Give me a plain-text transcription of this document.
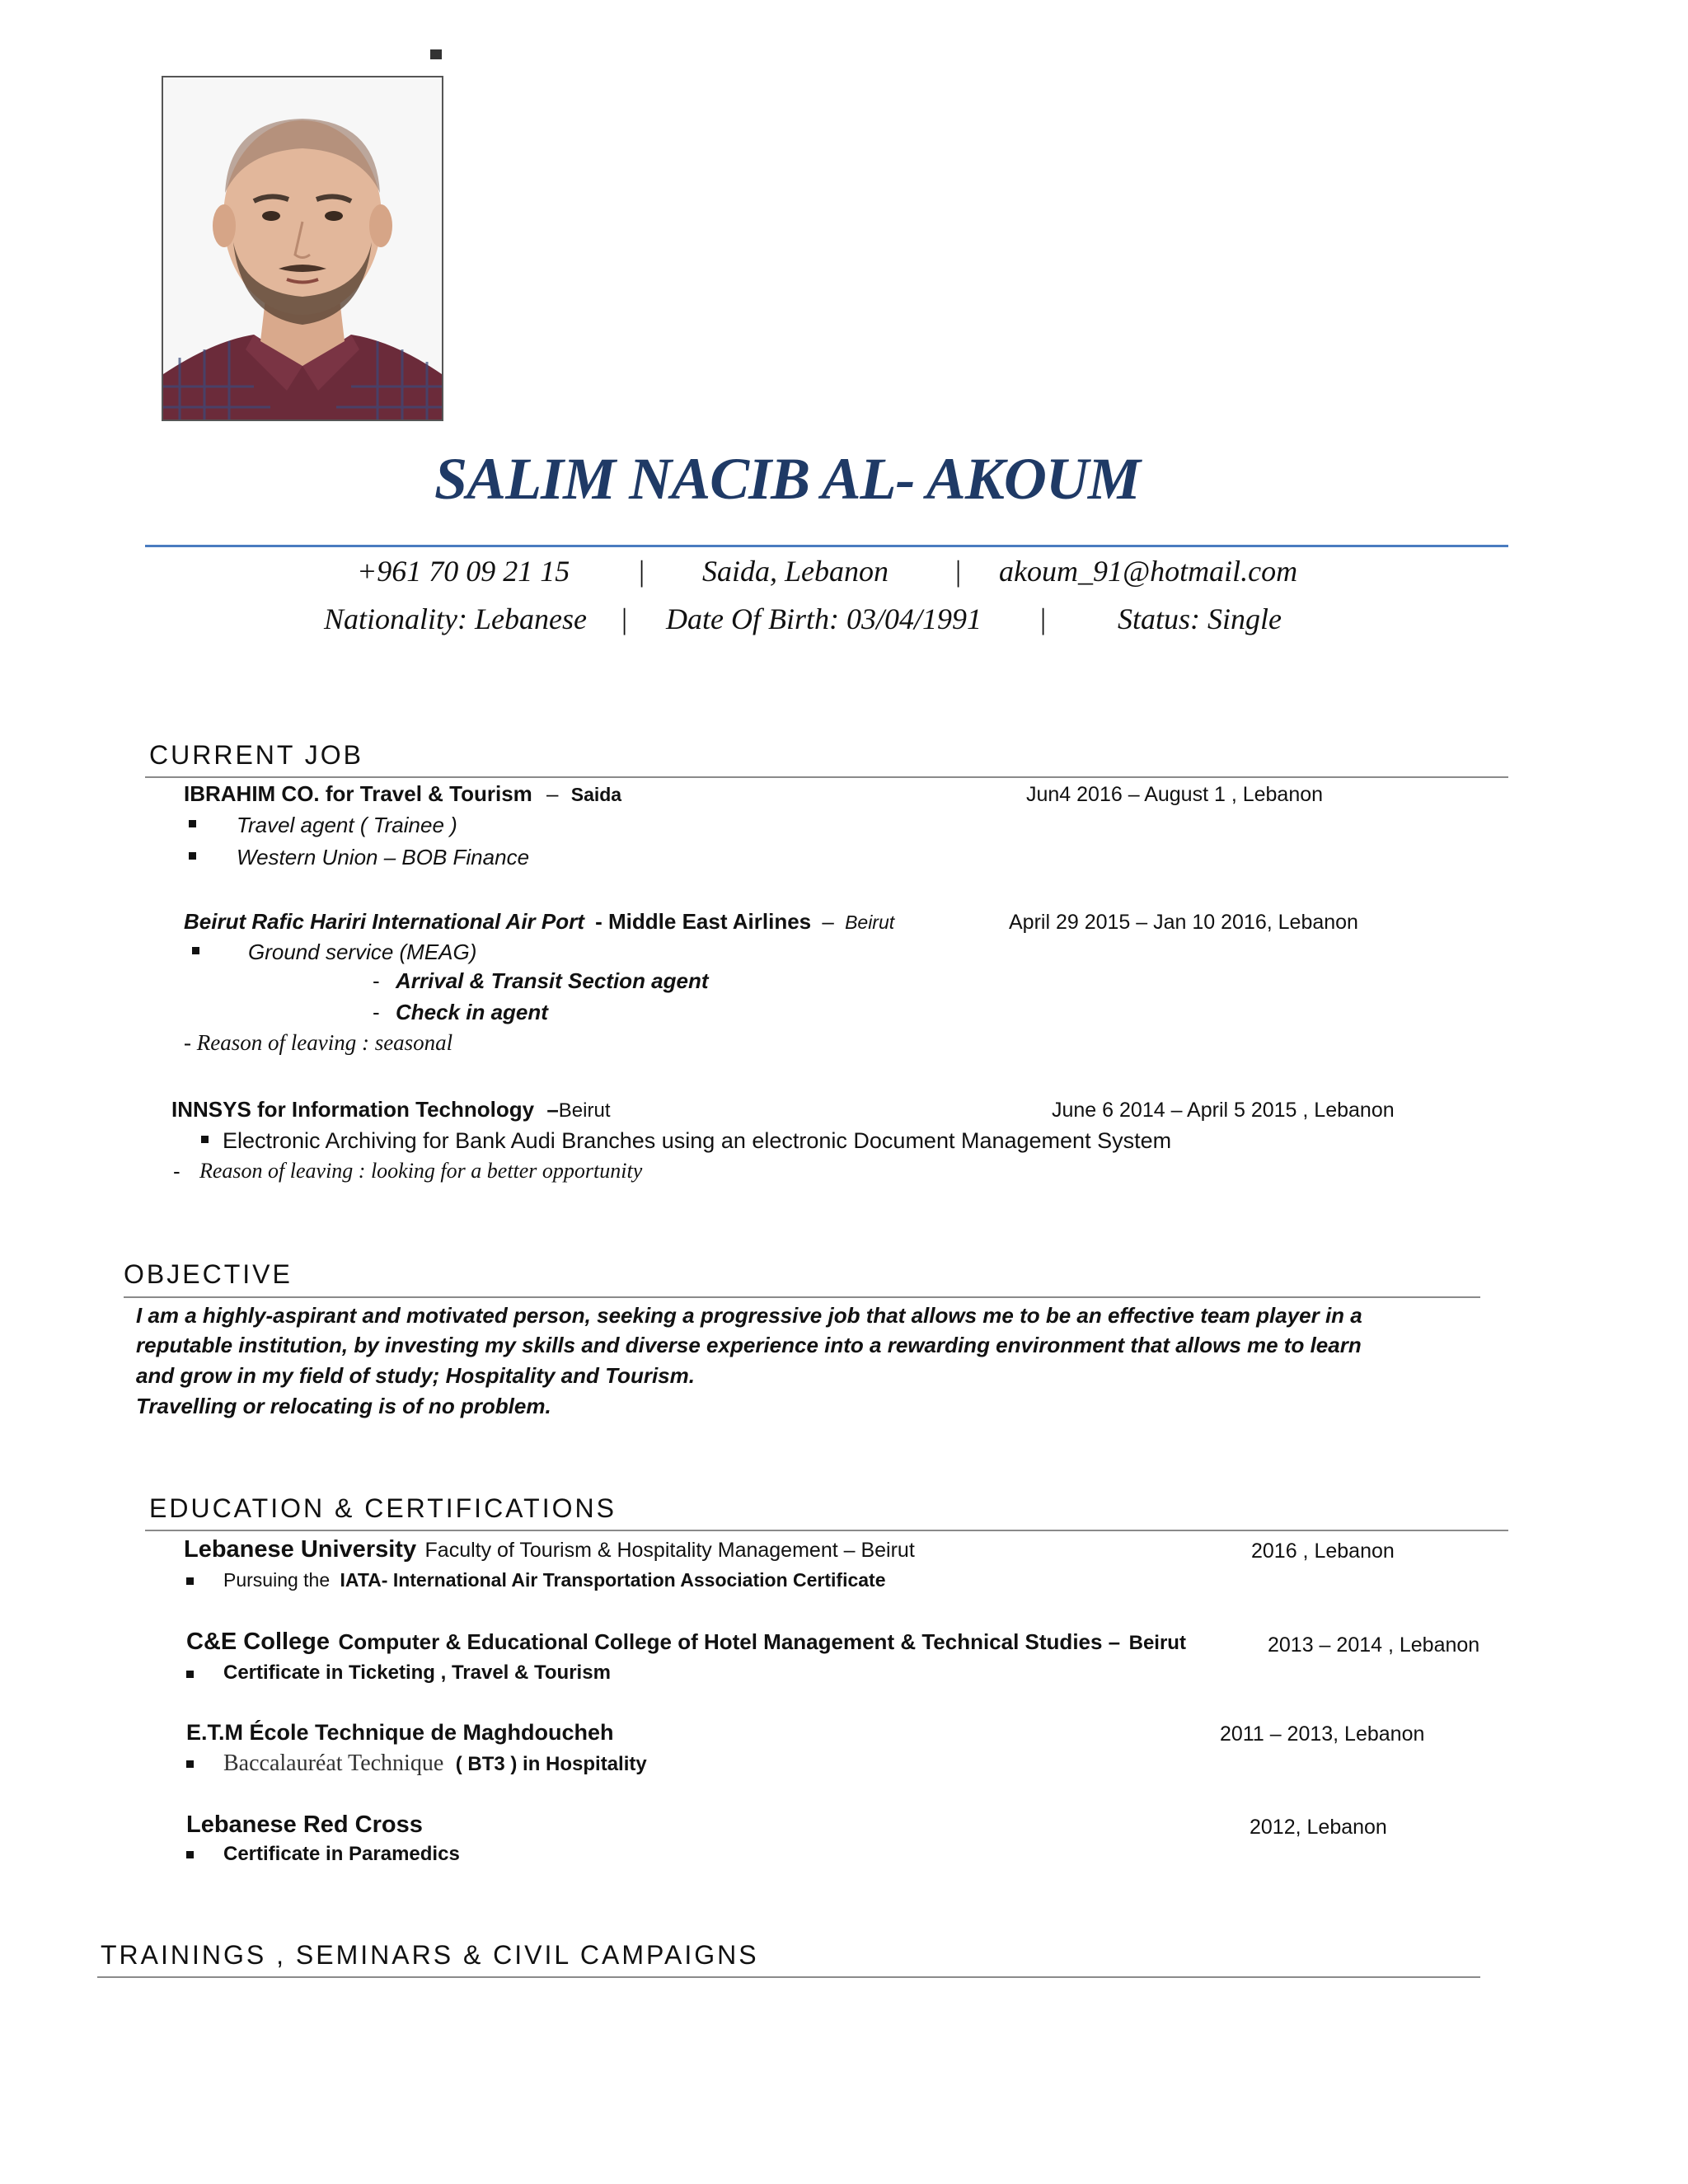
SALIM NACIB AL- AKOUM
+961 70 09 21 15 | Saida, Lebanon | akoum_91@hotmail.com
Nationality: Lebanese | Date Of Birth: 03/04/1991 | Status: Single
CURRENT JOB
IBRAHIM CO. for Travel & Tourism – Saida	Jun4 2016 – August 1 , Lebanon
Travel agent ( Trainee )
Western Union – BOB Finance
Beirut Rafic Hariri International Air Port - Middle East Airlines – Beirut	April 29 2015 – Jan 10 2016, Lebanon
Ground service (MEAG)
- Arrival & Transit Section agent
- Check in agent
- Reason of leaving : seasonal
INNSYS for Information Technology –Beirut	June 6 2014 – April 5 2015 , Lebanon
Electronic Archiving for Bank Audi Branches using an electronic Document Management System
- Reason of leaving : looking for a better opportunity
OBJECTIVE
I am a highly-aspirant and motivated person, seeking a progressive job that allows me to be an effective team player in a
reputable institution, by investing my skills and diverse experience into a rewarding environment that allows me to learn
and grow in my field of study; Hospitality and Tourism.
Travelling or relocating is of no problem.
EDUCATION & CERTIFICATIONS
Lebanese University Faculty of Tourism & Hospitality Management – Beirut	2016 , Lebanon
Pursuing the IATA- International Air Transportation Association Certificate
C&E College Computer & Educational College of Hotel Management & Technical Studies – Beirut	2013 – 2014 , Lebanon
Certificate in Ticketing , Travel & Tourism
E.T.M École Technique de Maghdoucheh	2011 – 2013, Lebanon
Baccalauréat Technique ( BT3 ) in Hospitality
Lebanese Red Cross	2012, Lebanon
Certificate in Paramedics
TRAININGS , SEMINARS & CIVIL CAMPAIGNS
